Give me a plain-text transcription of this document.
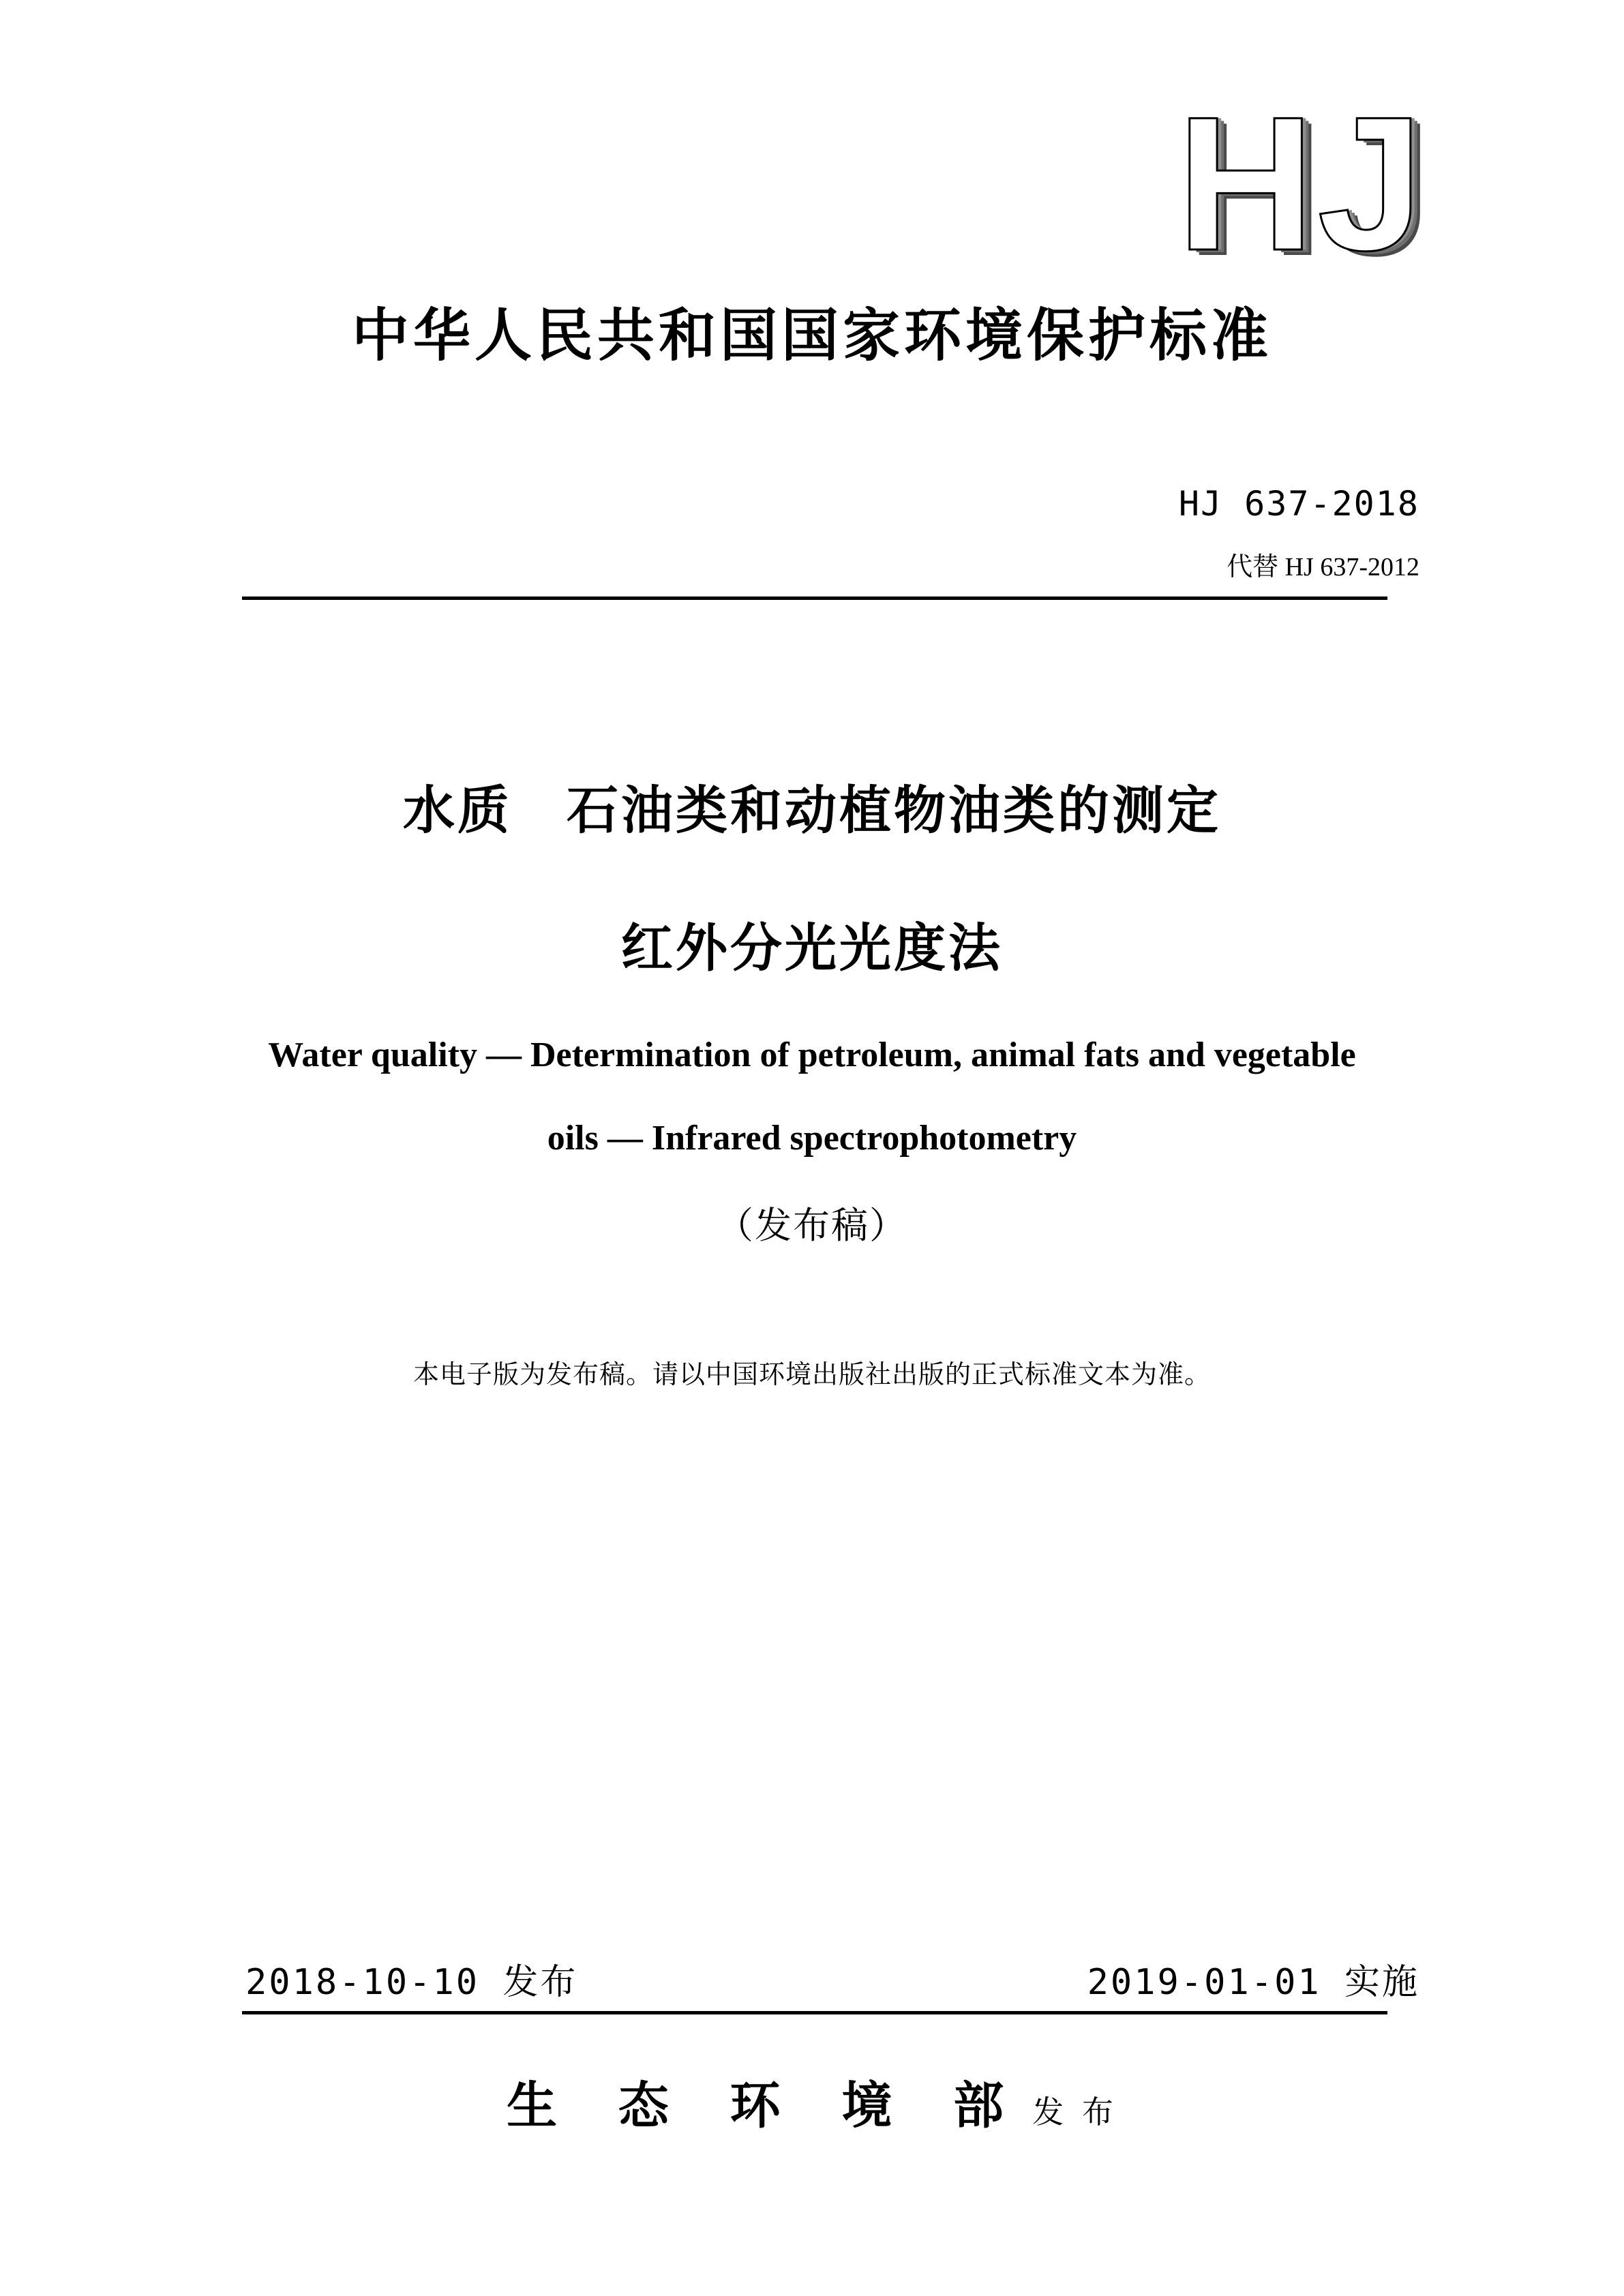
HJ
中华人民共和国国家环境保护标准
HJ 637-2018
代替 HJ 637-2012
水质　石油类和动植物油类的测定
红外分光光度法
Water quality — Determination of petroleum, animal fats and vegetable
oils — Infrared spectrophotometry
（发布稿）
本电子版为发布稿。请以中国环境出版社出版的正式标准文本为准。
2018-10-10 发布	2019-01-01 实施
生 态 环 境 部 发 布
